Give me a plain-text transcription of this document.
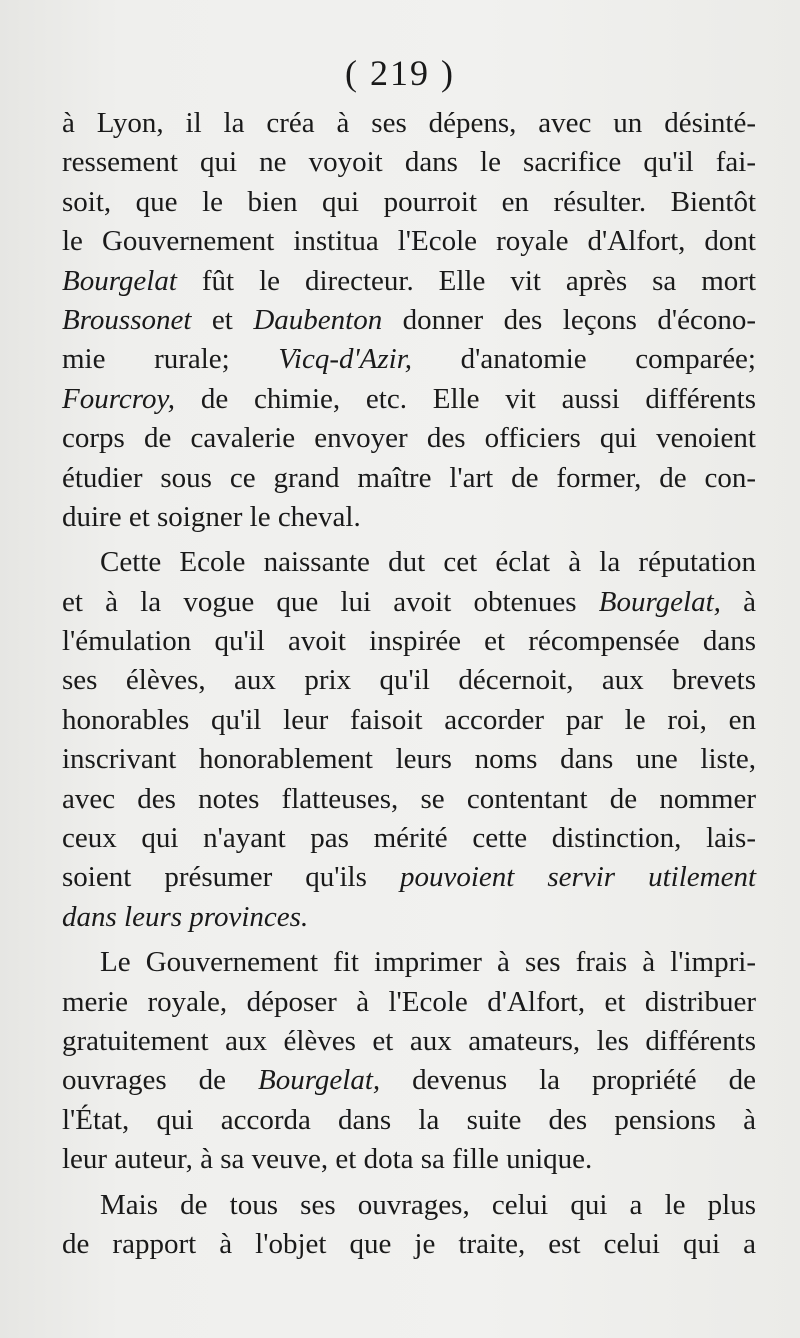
( 219 )
à Lyon, il la créa à ses dépens, avec un désinté-
ressement qui ne voyoit dans le sacrifice qu'il fai-
soit, que le bien qui pourroit en résulter. Bientôt
le Gouvernement institua l'Ecole royale d'Alfort, dont
Bourgelat fût le directeur. Elle vit après sa mort
Broussonet et Daubenton donner des leçons d'écono-
mie rurale; Vicq-d'Azir, d'anatomie comparée;
Fourcroy, de chimie, etc. Elle vit aussi différents
corps de cavalerie envoyer des officiers qui venoient
étudier sous ce grand maître l'art de former, de con-
duire et soigner le cheval.
Cette Ecole naissante dut cet éclat à la réputation
et à la vogue que lui avoit obtenues Bourgelat, à
l'émulation qu'il avoit inspirée et récompensée dans
ses élèves, aux prix qu'il décernoit, aux brevets
honorables qu'il leur faisoit accorder par le roi, en
inscrivant honorablement leurs noms dans une liste,
avec des notes flatteuses, se contentant de nommer
ceux qui n'ayant pas mérité cette distinction, lais-
soient présumer qu'ils pouvoient servir utilement
dans leurs provinces.
Le Gouvernement fit imprimer à ses frais à l'impri-
merie royale, déposer à l'Ecole d'Alfort, et distribuer
gratuitement aux élèves et aux amateurs, les différents
ouvrages de Bourgelat, devenus la propriété de
l'État, qui accorda dans la suite des pensions à
leur auteur, à sa veuve, et dota sa fille unique.
Mais de tous ses ouvrages, celui qui a le plus
de rapport à l'objet que je traite, est celui qui a
